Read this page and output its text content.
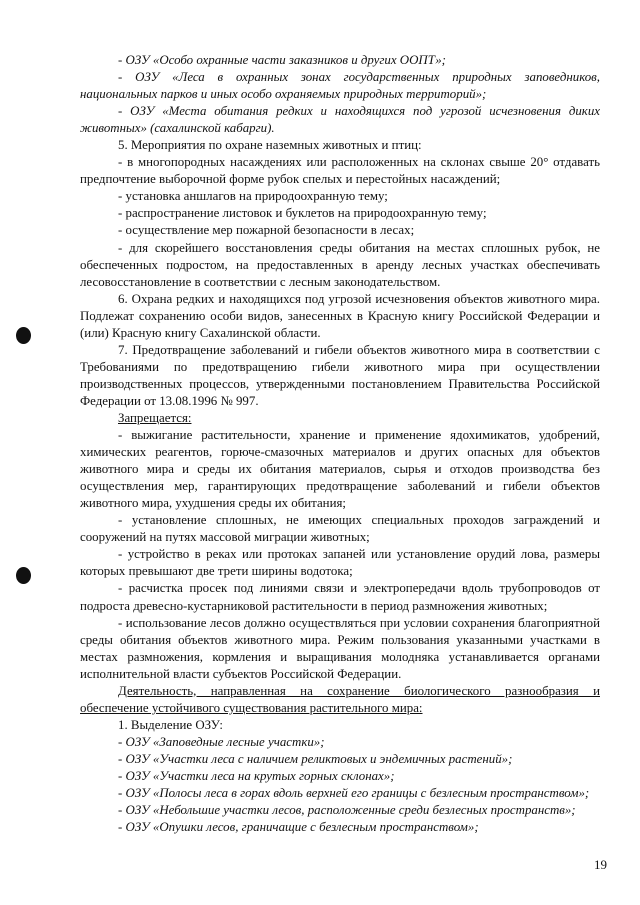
- ОЗУ «Особо охранные части заказников и других ООПТ»;

- ОЗУ «Леса в охранных зонах государственных природных заповедников, национальных парков и иных особо охраняемых природных территорий»;

- ОЗУ «Места обитания редких и находящихся под угрозой исчезновения диких животных» (сахалинской кабарги).

5. Мероприятия по охране наземных животных и птиц:

- в многопородных насаждениях или расположенных на склонах свыше 20° отдавать предпочтение выборочной форме рубок спелых и перестойных насаждений;

- установка аншлагов на природоохранную тему;

- распространение листовок и буклетов на природоохранную тему;

- осуществление мер пожарной безопасности в лесах;

- для скорейшего восстановления среды обитания на местах сплошных рубок, не обеспеченных подростом, на предоставленных в аренду лесных участках обеспечивать лесовосстановление в соответствии с лесным законодательством.

6. Охрана редких и находящихся под угрозой исчезновения объектов животного мира. Подлежат сохранению особи видов, занесенных в Красную книгу Российской Федерации и (или) Красную книгу Сахалинской области.

7. Предотвращение заболеваний и гибели объектов животного мира в соответствии с Требованиями по предотвращению гибели животного мира при осуществлении производственных процессов, утвержденными постановлением Правительства Российской Федерации от 13.08.1996 № 997.

Запрещается:

- выжигание растительности, хранение и применение ядохимикатов, удобрений, химических реагентов, горюче-смазочных материалов и других опасных для объектов животного мира и среды их обитания материалов, сырья и отходов производства без осуществления мер, гарантирующих предотвращение заболеваний и гибели объектов животного мира, ухудшения среды их обитания;

- установление сплошных, не имеющих специальных проходов заграждений и сооружений на путях массовой миграции животных;

- устройство в реках или протоках запаней или установление орудий лова, размеры которых превышают две трети ширины водотока;

- расчистка просек под линиями связи и электропередачи вдоль трубопроводов от подроста древесно-кустарниковой растительности в период размножения животных;

- использование лесов должно осуществляться при условии сохранения благоприятной среды обитания объектов животного мира. Режим пользования указанными участками в местах размножения, кормления и выращивания молодняка устанавливается органами исполнительной власти субъектов Российской Федерации.

Деятельность, направленная на сохранение биологического разнообразия и обеспечение устойчивого существования растительного мира:

1. Выделение ОЗУ:

- ОЗУ «Заповедные лесные участки»;

- ОЗУ «Участки леса с наличием реликтовых и эндемичных растений»;

- ОЗУ «Участки леса на крутых горных склонах»;

- ОЗУ «Полосы леса в горах вдоль верхней его границы с безлесным пространством»;

- ОЗУ «Небольшие участки лесов, расположенные среди безлесных пространств»;

- ОЗУ «Опушки лесов, граничащие с безлесным пространством»;

19
